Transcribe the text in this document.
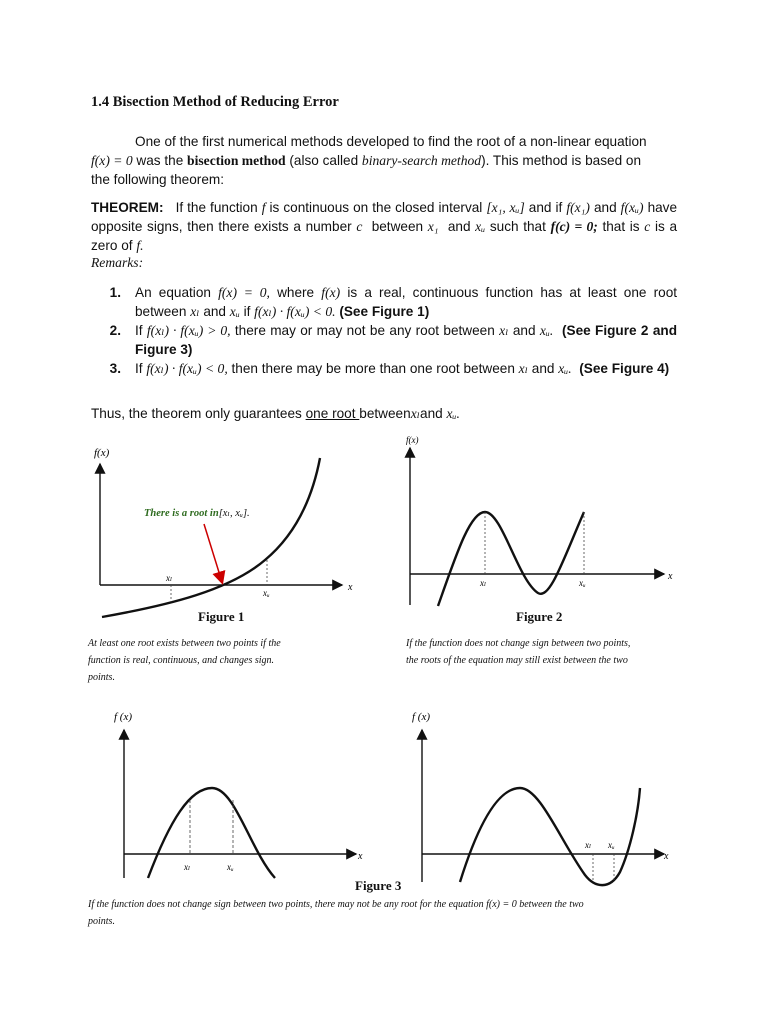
1.4 Bisection Method of Reducing Error
One of the first numerical methods developed to find the root of a non-linear equation
f(x) = 0 was the bisection method (also called binary-search method). This method is based on
the following theorem:
THEOREM: If the function f is continuous on the closed interval [x₁, xᵤ] and if f(x₁) and f(xᵤ) have opposite signs, then there exists a number c between x₁ and xᵤ such that f(c) = 0; that is c is a zero of f.
Remarks:
1. An equation f(x) = 0, where f(x) is a real, continuous function has at least one root between xₗ and xᵤ if f(xₗ) · f(xᵤ) < 0. (See Figure 1)
2. If f(xₗ) · f(xᵤ) > 0, there may or may not be any root between xₗ and xᵤ. (See Figure 2 and Figure 3)
3. If f(xₗ) · f(xᵤ) < 0, then there may be more than one root between xₗ and xᵤ. (See Figure 4)
Thus, the theorem only guarantees one root betweenxₗand xᵤ.
f(x)
x
xₗ
xᵤ
There is a root in[xₗ, xᵤ].
Figure 1
At least one root exists between two points if the
function is real, continuous, and changes sign.
points.
f(x)
x
xₗ	xᵤ
Figure 2
If the function does not change sign between two points,
the roots of the equation may still exist between the two
f (x)
x
xₗ	xᵤ
Figure 3
If the function does not change sign between two points, there may not be any root for the equation f(x) = 0 between the two
points.
f (x)
x
xₗ xᵤ
